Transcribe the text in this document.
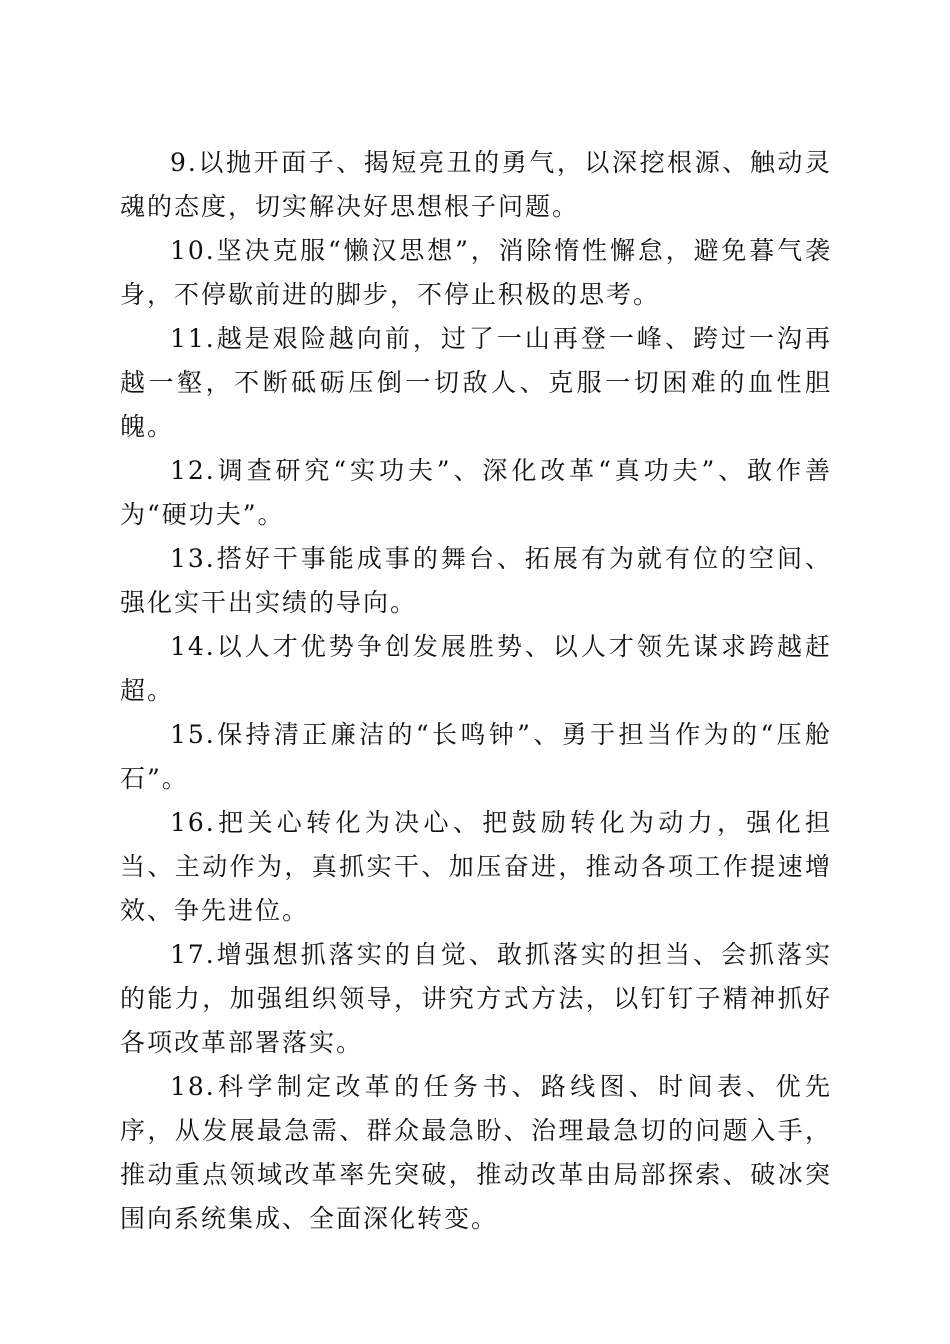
9.以抛开面子、揭短亮丑的勇气，以深挖根源、触动灵魂的态度，切实解决好思想根子问题。

10.坚决克服“懒汉思想”，消除惰性懈怠，避免暮气袭身，不停歇前进的脚步，不停止积极的思考。

11.越是艰险越向前，过了一山再登一峰、跨过一沟再越一壑，不断砥砺压倒一切敌人、克服一切困难的血性胆魄。

12.调查研究“实功夫”、深化改革“真功夫”、敢作善为“硬功夫”。

13.搭好干事能成事的舞台、拓展有为就有位的空间、强化实干出实绩的导向。

14.以人才优势争创发展胜势、以人才领先谋求跨越赶超。

15.保持清正廉洁的“长鸣钟”、勇于担当作为的“压舱石”。

16.把关心转化为决心、把鼓励转化为动力，强化担当、主动作为，真抓实干、加压奋进，推动各项工作提速增效、争先进位。

17.增强想抓落实的自觉、敢抓落实的担当、会抓落实的能力，加强组织领导，讲究方式方法，以钉钉子精神抓好各项改革部署落实。

18.科学制定改革的任务书、路线图、时间表、优先序，从发展最急需、群众最急盼、治理最急切的问题入手，推动重点领域改革率先突破，推动改革由局部探索、破冰突围向系统集成、全面深化转变。
